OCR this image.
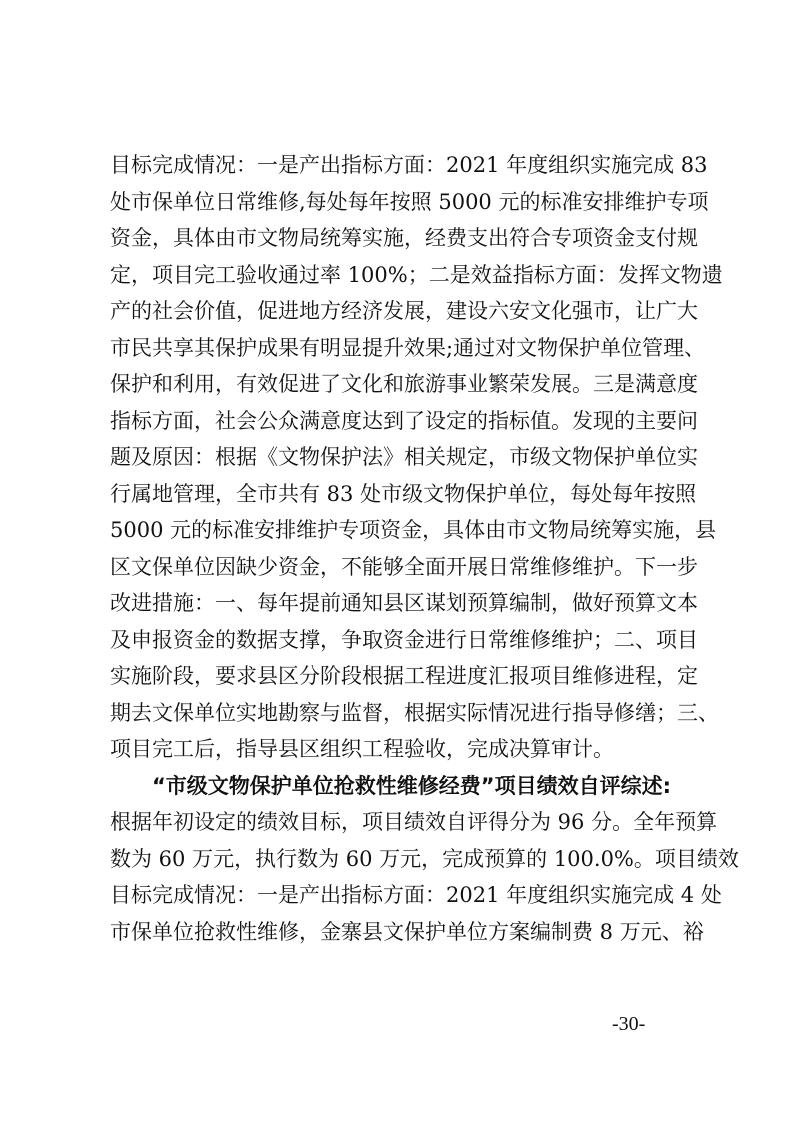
目标完成情况：一是产出指标方面：2021 年度组织实施完成 83
处市保单位日常维修,每处每年按照 5000 元的标准安排维护专项
资金，具体由市文物局统筹实施，经费支出符合专项资金支付规
定，项目完工验收通过率 100%；二是效益指标方面：发挥文物遗
产的社会价值，促进地方经济发展，建设六安文化强市，让广大
市民共享其保护成果有明显提升效果;通过对文物保护单位管理、
保护和利用，有效促进了文化和旅游事业繁荣发展。三是满意度
指标方面，社会公众满意度达到了设定的指标值。发现的主要问
题及原因：根据《文物保护法》相关规定，市级文物保护单位实
行属地管理，全市共有 83 处市级文物保护单位，每处每年按照
5000 元的标准安排维护专项资金，具体由市文物局统筹实施，县
区文保单位因缺少资金，不能够全面开展日常维修维护。下一步
改进措施：一、每年提前通知县区谋划预算编制，做好预算文本
及申报资金的数据支撑，争取资金进行日常维修维护；二、项目
实施阶段，要求县区分阶段根据工程进度汇报项目维修进程，定
期去文保单位实地勘察与监督，根据实际情况进行指导修缮；三、
项目完工后，指导县区组织工程验收，完成决算审计。
“市级文物保护单位抢救性维修经费”项目绩效自评综述:
根据年初设定的绩效目标，项目绩效自评得分为 96 分。全年预算
数为 60 万元，执行数为 60 万元，完成预算的 100.0%。项目绩效
目标完成情况：一是产出指标方面：2021 年度组织实施完成 4 处
市保单位抢救性维修，金寨县文保护单位方案编制费 8 万元、裕
-30-
